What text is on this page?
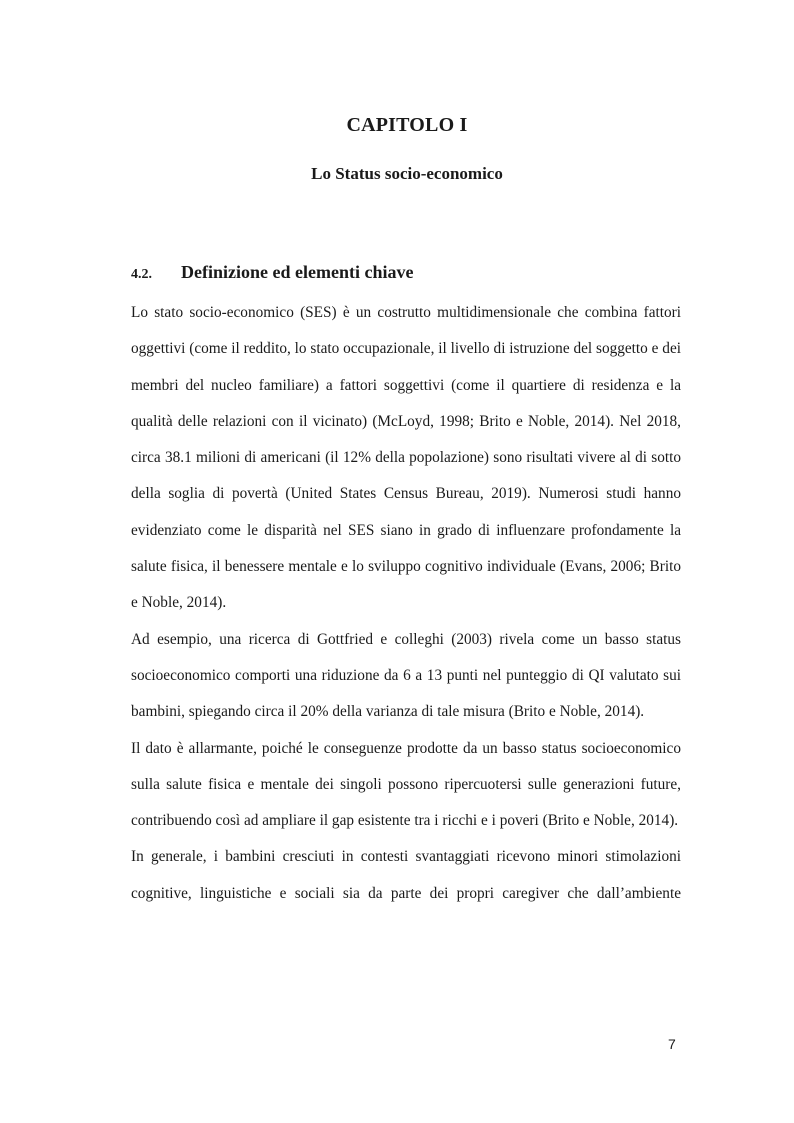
CAPITOLO I
Lo Status socio-economico
4.2. Definizione ed elementi chiave

Lo stato socio-economico (SES) è un costrutto multidimensionale che combina fattori oggettivi (come il reddito, lo stato occupazionale, il livello di istruzione del soggetto e dei membri del nucleo familiare) a fattori soggettivi (come il quartiere di residenza e la qualità delle relazioni con il vicinato) (McLoyd, 1998; Brito e Noble, 2014). Nel 2018, circa 38.1 milioni di americani (il 12% della popolazione) sono risultati vivere al di sotto della soglia di povertà (United States Census Bureau, 2019). Numerosi studi hanno evidenziato come le disparità nel SES siano in grado di influenzare profondamente la salute fisica, il benessere mentale e lo sviluppo cognitivo individuale (Evans, 2006; Brito e Noble, 2014).

Ad esempio, una ricerca di Gottfried e colleghi (2003) rivela come un basso status socioeconomico comporti una riduzione da 6 a 13 punti nel punteggio di QI valutato sui bambini, spiegando circa il 20% della varianza di tale misura (Brito e Noble, 2014).

Il dato è allarmante, poiché le conseguenze prodotte da un basso status socioeconomico sulla salute fisica e mentale dei singoli possono ripercuotersi sulle generazioni future, contribuendo così ad ampliare il gap esistente tra i ricchi e i poveri (Brito e Noble, 2014).

In generale, i bambini cresciuti in contesti svantaggiati ricevono minori stimolazioni cognitive, linguistiche e sociali sia da parte dei propri caregiver che dall’ambiente

7
